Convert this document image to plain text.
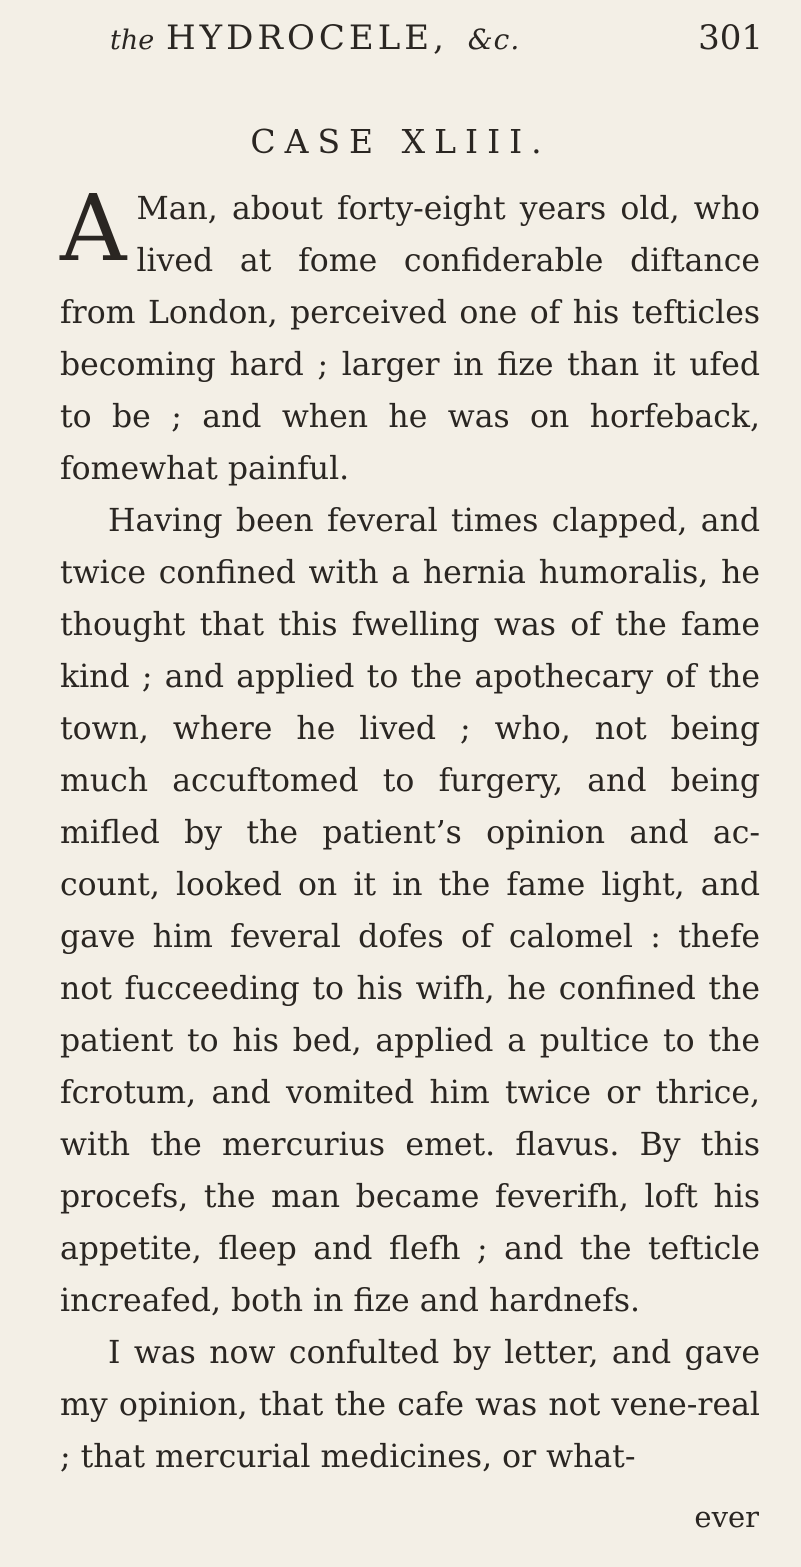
the HYDROCELE, &c.	301
CASE XLIII.

A Man, about forty-eight years old, who lived at fome confiderable diftance from London, perceived one of his tefticles becoming hard ; larger in fize than it ufed to be ; and when he was on horfeback, fomewhat painful.

Having been feveral times clapped, and twice confined with a hernia humoralis, he thought that this fwelling was of the fame kind ; and applied to the apothecary of the town, where he lived ; who, not being much accuftomed to furgery, and being mifled by the patient’s opinion and ac-count, looked on it in the fame light, and gave him feveral dofes of calomel : thefe not fucceeding to his wifh, he confined the patient to his bed, applied a pultice to the fcrotum, and vomited him twice or thrice, with the mercurius emet. flavus. By this procefs, the man became feverifh, loft his appetite, fleep and flefh ; and the tefticle increafed, both in fize and hardnefs.

I was now confulted by letter, and gave my opinion, that the cafe was not vene-real ; that mercurial medicines, or what-

ever
